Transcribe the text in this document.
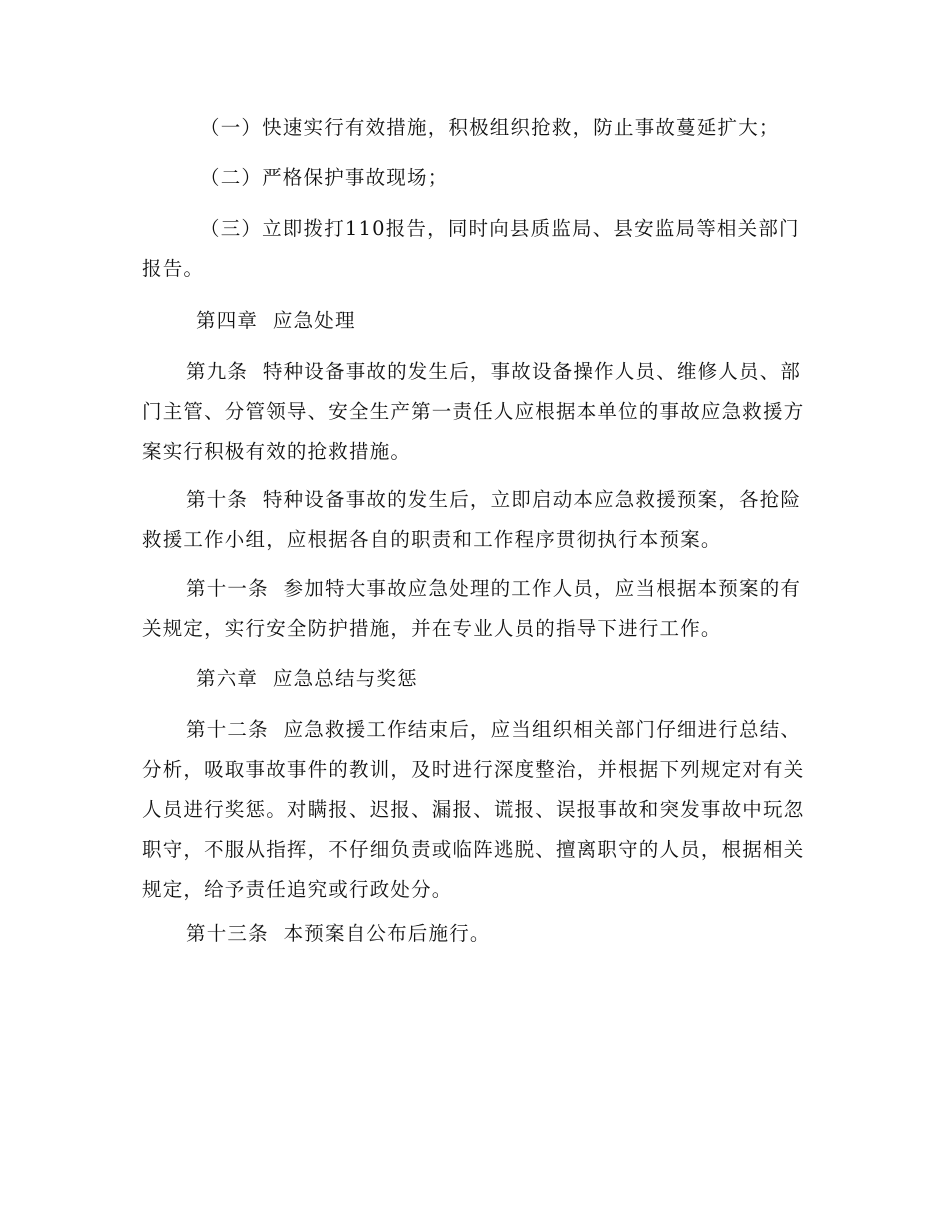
（一）快速实行有效措施，积极组织抢救，防止事故蔓延扩大；
（二）严格保护事故现场；
（三）立即拨打110报告，同时向县质监局、县安监局等相关部门报告。
第四章  应急处理
第九条  特种设备事故的发生后，事故设备操作人员、维修人员、部门主管、分管领导、安全生产第一责任人应根据本单位的事故应急救援方案实行积极有效的抢救措施。
第十条  特种设备事故的发生后，立即启动本应急救援预案，各抢险救援工作小组，应根据各自的职责和工作程序贯彻执行本预案。
第十一条  参加特大事故应急处理的工作人员，应当根据本预案的有关规定，实行安全防护措施，并在专业人员的指导下进行工作。
第六章  应急总结与奖惩
第十二条  应急救援工作结束后，应当组织相关部门仔细进行总结、分析，吸取事故事件的教训，及时进行深度整治，并根据下列规定对有关人员进行奖惩。对瞒报、迟报、漏报、谎报、误报事故和突发事故中玩忽职守，不服从指挥，不仔细负责或临阵逃脱、擅离职守的人员，根据相关规定，给予责任追究或行政处分。
第十三条  本预案自公布后施行。
